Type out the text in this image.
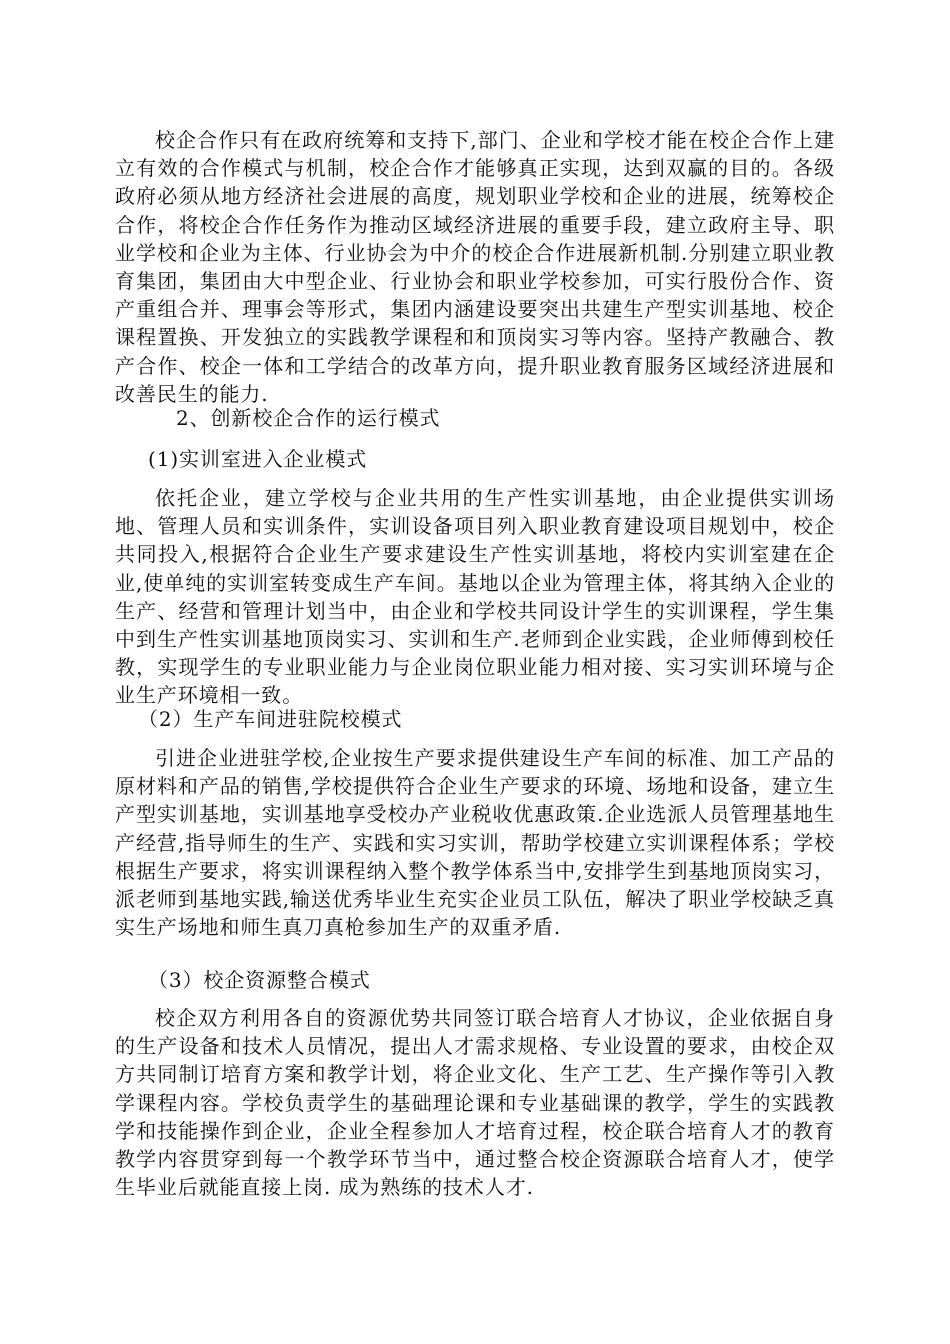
校企合作只有在政府统筹和支持下,部门、企业和学校才能在校企合作上建立有效的合作模式与机制，校企合作才能够真正实现，达到双赢的目的。各级政府必须从地方经济社会进展的高度，规划职业学校和企业的进展，统筹校企合作，将校企合作任务作为推动区域经济进展的重要手段，建立政府主导、职业学校和企业为主体、行业协会为中介的校企合作进展新机制.分别建立职业教育集团，集团由大中型企业、行业协会和职业学校参加，可实行股份合作、资产重组合并、理事会等形式，集团内涵建设要突出共建生产型实训基地、校企课程置换、开发独立的实践教学课程和和顶岗实习等内容。坚持产教融合、教产合作、校企一体和工学结合的改革方向，提升职业教育服务区域经济进展和改善民生的能力.

2、创新校企合作的运行模式

(1)实训室进入企业模式

依托企业，建立学校与企业共用的生产性实训基地，由企业提供实训场地、管理人员和实训条件，实训设备项目列入职业教育建设项目规划中，校企共同投入,根据符合企业生产要求建设生产性实训基地，将校内实训室建在企业,使单纯的实训室转变成生产车间。基地以企业为管理主体，将其纳入企业的生产、经营和管理计划当中，由企业和学校共同设计学生的实训课程，学生集中到生产性实训基地顶岗实习、实训和生产.老师到企业实践，企业师傅到校任教，实现学生的专业职业能力与企业岗位职业能力相对接、实习实训环境与企业生产环境相一致。

（2）生产车间进驻院校模式

引进企业进驻学校,企业按生产要求提供建设生产车间的标准、加工产品的原材料和产品的销售,学校提供符合企业生产要求的环境、场地和设备，建立生产型实训基地，实训基地享受校办产业税收优惠政策.企业选派人员管理基地生产经营,指导师生的生产、实践和实习实训，帮助学校建立实训课程体系；学校根据生产要求，将实训课程纳入整个教学体系当中,安排学生到基地顶岗实习，派老师到基地实践,输送优秀毕业生充实企业员工队伍，解决了职业学校缺乏真实生产场地和师生真刀真枪参加生产的双重矛盾.

（3）校企资源整合模式

校企双方利用各自的资源优势共同签订联合培育人才协议，企业依据自身的生产设备和技术人员情况，提出人才需求规格、专业设置的要求，由校企双方共同制订培育方案和教学计划，将企业文化、生产工艺、生产操作等引入教学课程内容。学校负责学生的基础理论课和专业基础课的教学，学生的实践教学和技能操作到企业，企业全程参加人才培育过程，校企联合培育人才的教育教学内容贯穿到每一个教学环节当中，通过整合校企资源联合培育人才，使学生毕业后就能直接上岗. 成为熟练的技术人才.
